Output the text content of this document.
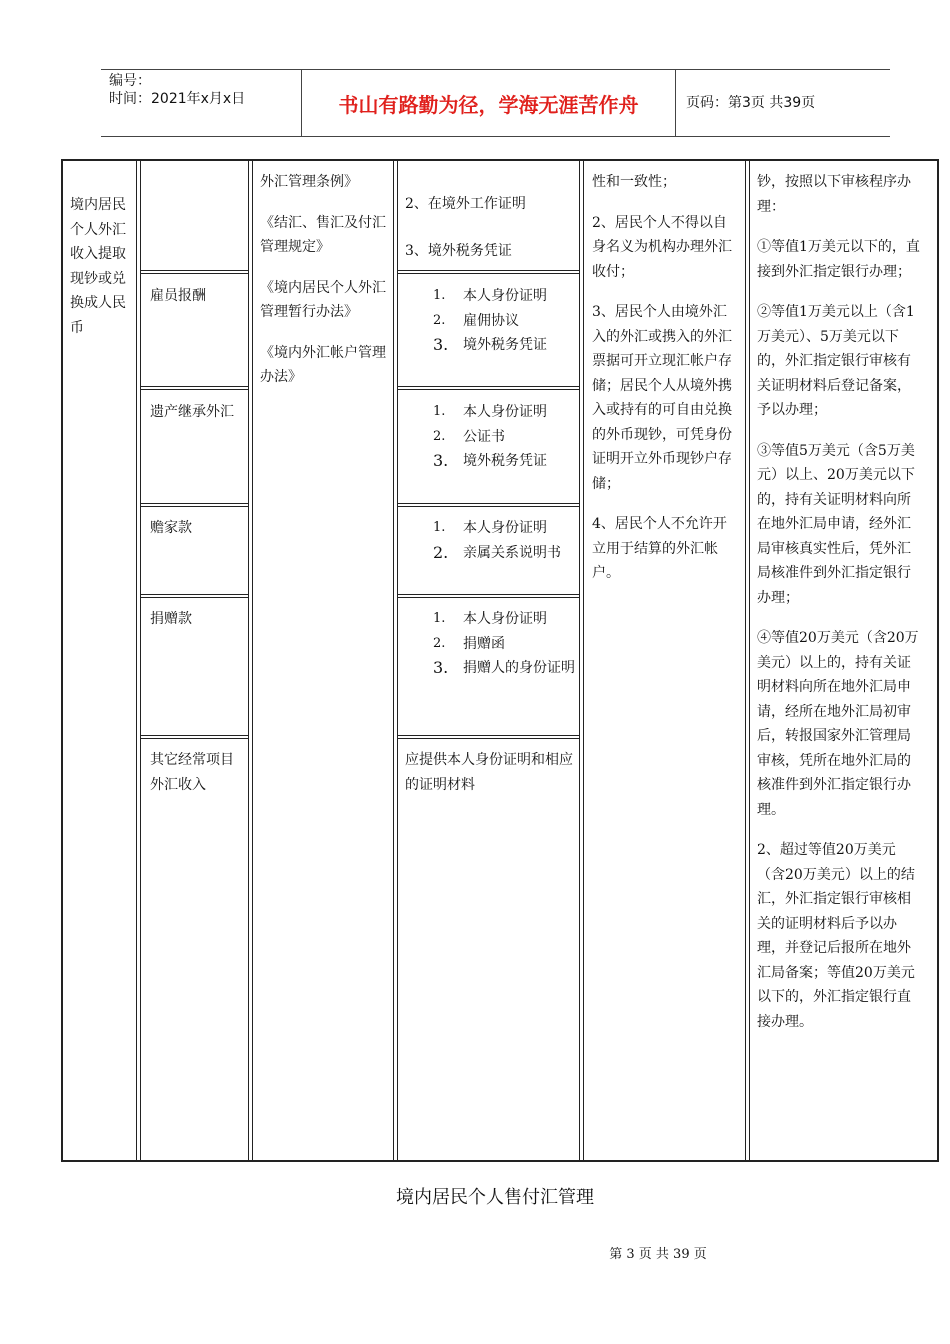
编号：
时间：2021年x月x日	书山有路勤为径，学海无涯苦作舟	页码：第3页 共39页
境内居民个人外汇收入提取现钞或兑换成人民币
雇员报酬
遗产继承外汇
赡家款
捐赠款
其它经常项目外汇收入

外汇管理条例》

《结汇、售汇及付汇管理规定》

《境内居民个人外汇管理暂行办法》

《境内外汇帐户管理办法》

2、在境外工作证明

3、境外税务凭证

1. 本人身份证明
2. 雇佣协议
3. 境外税务凭证
1. 本人身份证明
2. 公证书
3. 境外税务凭证
1. 本人身份证明
2. 亲属关系说明书
1. 本人身份证明
2. 捐赠函
3. 捐赠人的身份证明
应提供本人身份证明和相应的证明材料

性和一致性；

2、居民个人不得以自身名义为机构办理外汇收付；

3、居民个人由境外汇入的外汇或携入的外汇票据可开立现汇帐户存储；居民个人从境外携入或持有的可自由兑换的外币现钞，可凭身份证明开立外币现钞户存储；

4、居民个人不允许开立用于结算的外汇帐户。

钞，按照以下审核程序办理：

①等值1万美元以下的，直接到外汇指定银行办理；

②等值1万美元以上（含1万美元）、5万美元以下的，外汇指定银行审核有关证明材料后登记备案，予以办理；

③等值5万美元（含5万美元）以上、20万美元以下的，持有关证明材料向所在地外汇局申请，经外汇局审核真实性后，凭外汇局核准件到外汇指定银行办理；

④等值20万美元（含20万美元）以上的，持有关证明材料向所在地外汇局申请，经所在地外汇局初审后，转报国家外汇管理局审核，凭所在地外汇局的核准件到外汇指定银行办理。

2、超过等值20万美元（含20万美元）以上的结汇，外汇指定银行审核相关的证明材料后予以办理，并登记后报所在地外汇局备案；等值20万美元以下的，外汇指定银行直接办理。

境内居民个人售付汇管理
第 3 页 共 39 页
